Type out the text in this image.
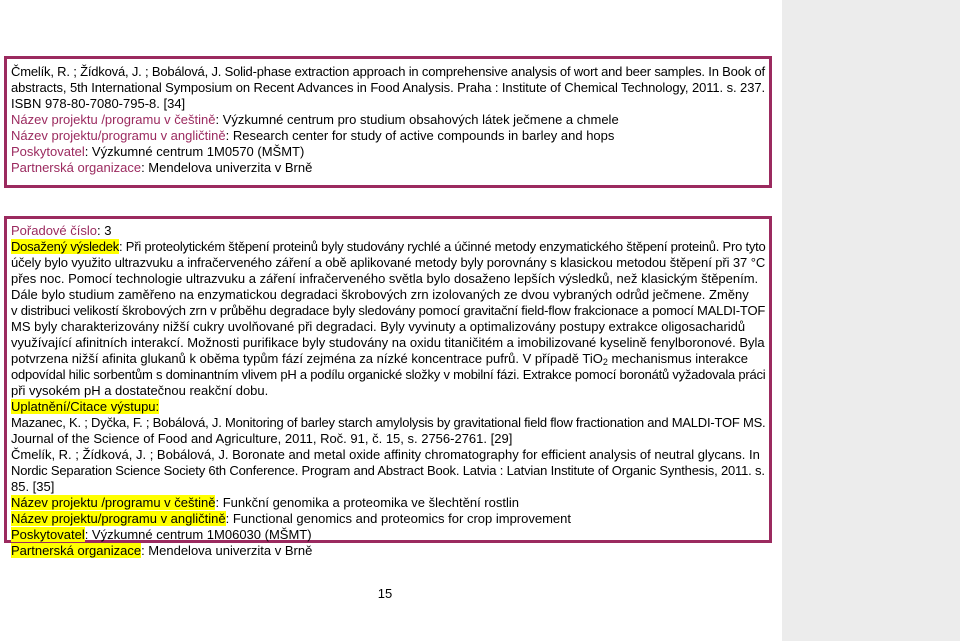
Čmelík, R. ; Žídková, J. ; Bobálová, J. Solid-phase extraction approach in comprehensive analysis of wort and beer samples. In Book of

abstracts, 5th International Symposium on Recent Advances in Food Analysis. Praha : Institute of Chemical Technology, 2011. s. 237.

ISBN 978-80-7080-795-8. [34]

Název projektu /programu v češtině: Výzkumné centrum pro studium obsahových látek ječmene a chmele

Název projektu/programu v angličtině: Research center for study of active compounds in barley and hops

Poskytovatel: Výzkumné centrum 1M0570 (MŠMT)

Partnerská organizace: Mendelova univerzita v Brně

Pořadové číslo: 3

Dosažený výsledek: Při proteolytickém štěpení proteinů byly studovány rychlé a účinné metody enzymatického štěpení proteinů. Pro tyto

účely bylo využito ultrazvuku a infračerveného záření a obě aplikované metody byly porovnány s klasickou metodou štěpení při 37 °C

přes noc. Pomocí technologie ultrazvuku a záření infračerveného světla bylo dosaženo lepších výsledků, než klasickým štěpením.

Dále bylo studium zaměřeno na enzymatickou degradaci škrobových zrn izolovaných ze dvou vybraných odrůd ječmene. Změny

v distribuci velikostí škrobových zrn v průběhu degradace byly sledovány pomocí gravitační field-flow frakcionace a pomocí MALDI-TOF

MS byly charakterizovány nižší cukry uvolňované při degradaci. Byly vyvinuty a optimalizovány postupy extrakce oligosacharidů

využívající afinitních interakcí. Možnosti purifikace byly studovány na oxidu titaničitém a imobilizované kyselině fenylboronové. Byla

potvrzena nižší afinita glukanů k oběma typům fází zejména za nízké koncentrace pufrů. V případě TiO$_2$ mechanismus interakce

odpovídal hilic sorbentům s dominantním vlivem pH a podílu organické složky v mobilní fázi. Extrakce pomocí boronátů vyžadovala práci

při vysokém pH a dostatečnou reakční dobu.

Uplatnění/Citace výstupu:

Mazanec, K. ; Dyčka, F. ; Bobálová, J. Monitoring of barley starch amylolysis by gravitational field flow fractionation and MALDI-TOF MS.

Journal of the Science of Food and Agriculture, 2011, Roč. 91, č. 15, s. 2756-2761. [29]

Čmelík, R. ; Žídková, J. ; Bobálová, J. Boronate and metal oxide affinity chromatography for efficient analysis of neutral glycans. In

Nordic Separation Science Society 6th Conference. Program and Abstract Book. Latvia : Latvian Institute of Organic Synthesis, 2011. s.

85. [35]

Název projektu /programu v češtině: Funkční genomika a proteomika ve šlechtění rostlin

Název projektu/programu v angličtině: Functional genomics and proteomics for crop improvement

Poskytovatel: Výzkumné centrum 1M06030 (MŠMT)

Partnerská organizace: Mendelova univerzita v Brně

15
